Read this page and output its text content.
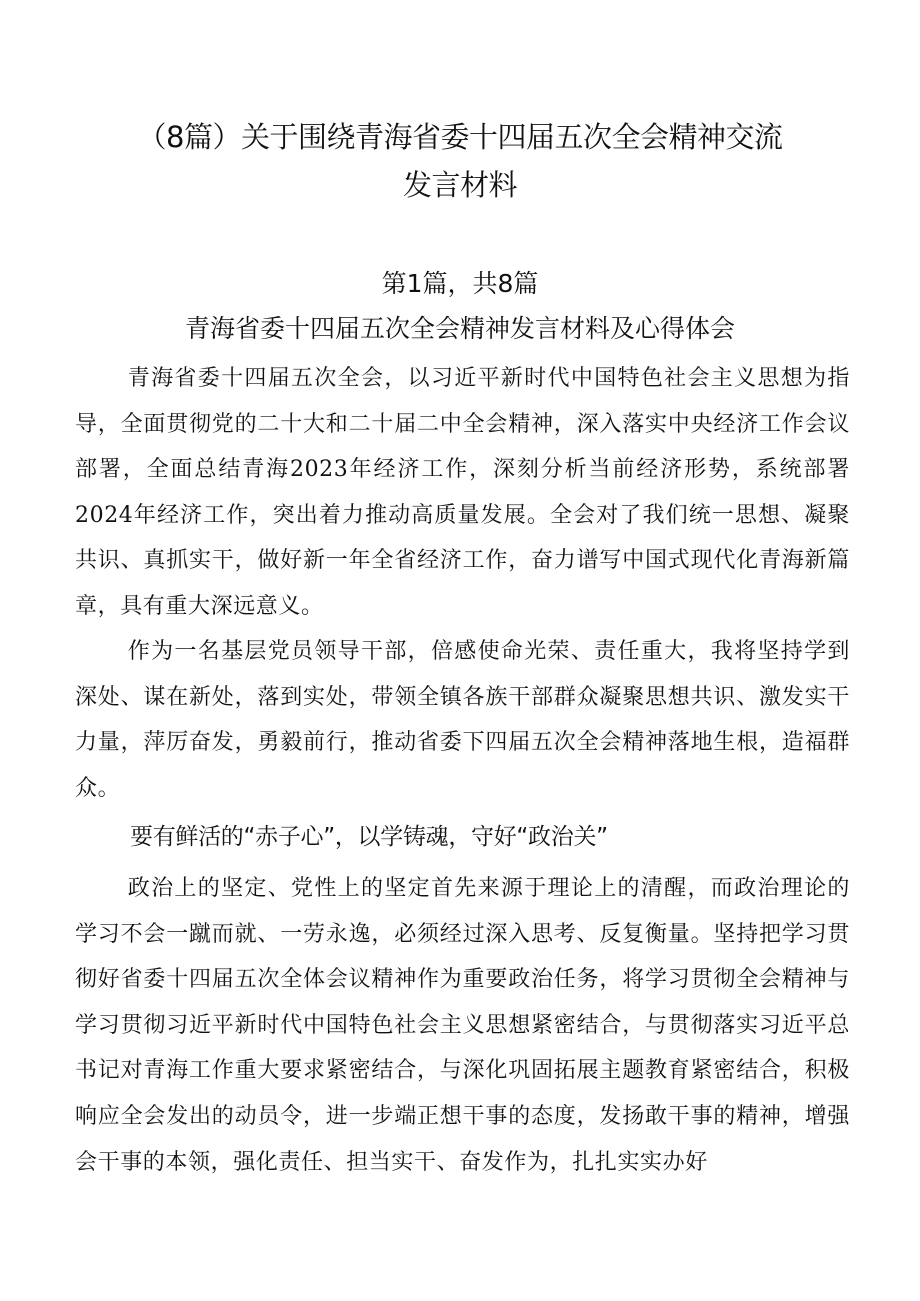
（8篇）关于围绕青海省委十四届五次全会精神交流
发言材料
第1篇，共8篇
青海省委十四届五次全会精神发言材料及心得体会

青海省委十四届五次全会，以习近平新时代中国特色社会主义思想为指导，全面贯彻党的二十大和二十届二中全会精神，深入落实中央经济工作会议部署，全面总结青海2023年经济工作，深刻分析当前经济形势，系统部署2024年经济工作，突出着力推动高质量发展。全会对了我们统一思想、凝聚共识、真抓实干，做好新一年全省经济工作，奋力谱写中国式现代化青海新篇章，具有重大深远意义。

作为一名基层党员领导干部，倍感使命光荣、责任重大，我将坚持学到深处、谋在新处，落到实处，带领全镇各族干部群众凝聚思想共识、激发实干力量，萍厉奋发，勇毅前行，推动省委下四届五次全会精神落地生根，造福群众。

要有鲜活的“赤子心”，以学铸魂，守好“政治关”

政治上的坚定、党性上的坚定首先来源于理论上的清醒，而政治理论的学习不会一蹴而就、一劳永逸，必须经过深入思考、反复衡量。坚持把学习贯彻好省委十四届五次全体会议精神作为重要政治任务，将学习贯彻全会精神与学习贯彻习近平新时代中国特色社会主义思想紧密结合，与贯彻落实习近平总书记对青海工作重大要求紧密结合，与深化巩固拓展主题教育紧密结合，积极响应全会发出的动员令，进一步端正想干事的态度，发扬敢干事的精神，增强会干事的本领，强化责任、担当实干、奋发作为，扎扎实实办好
